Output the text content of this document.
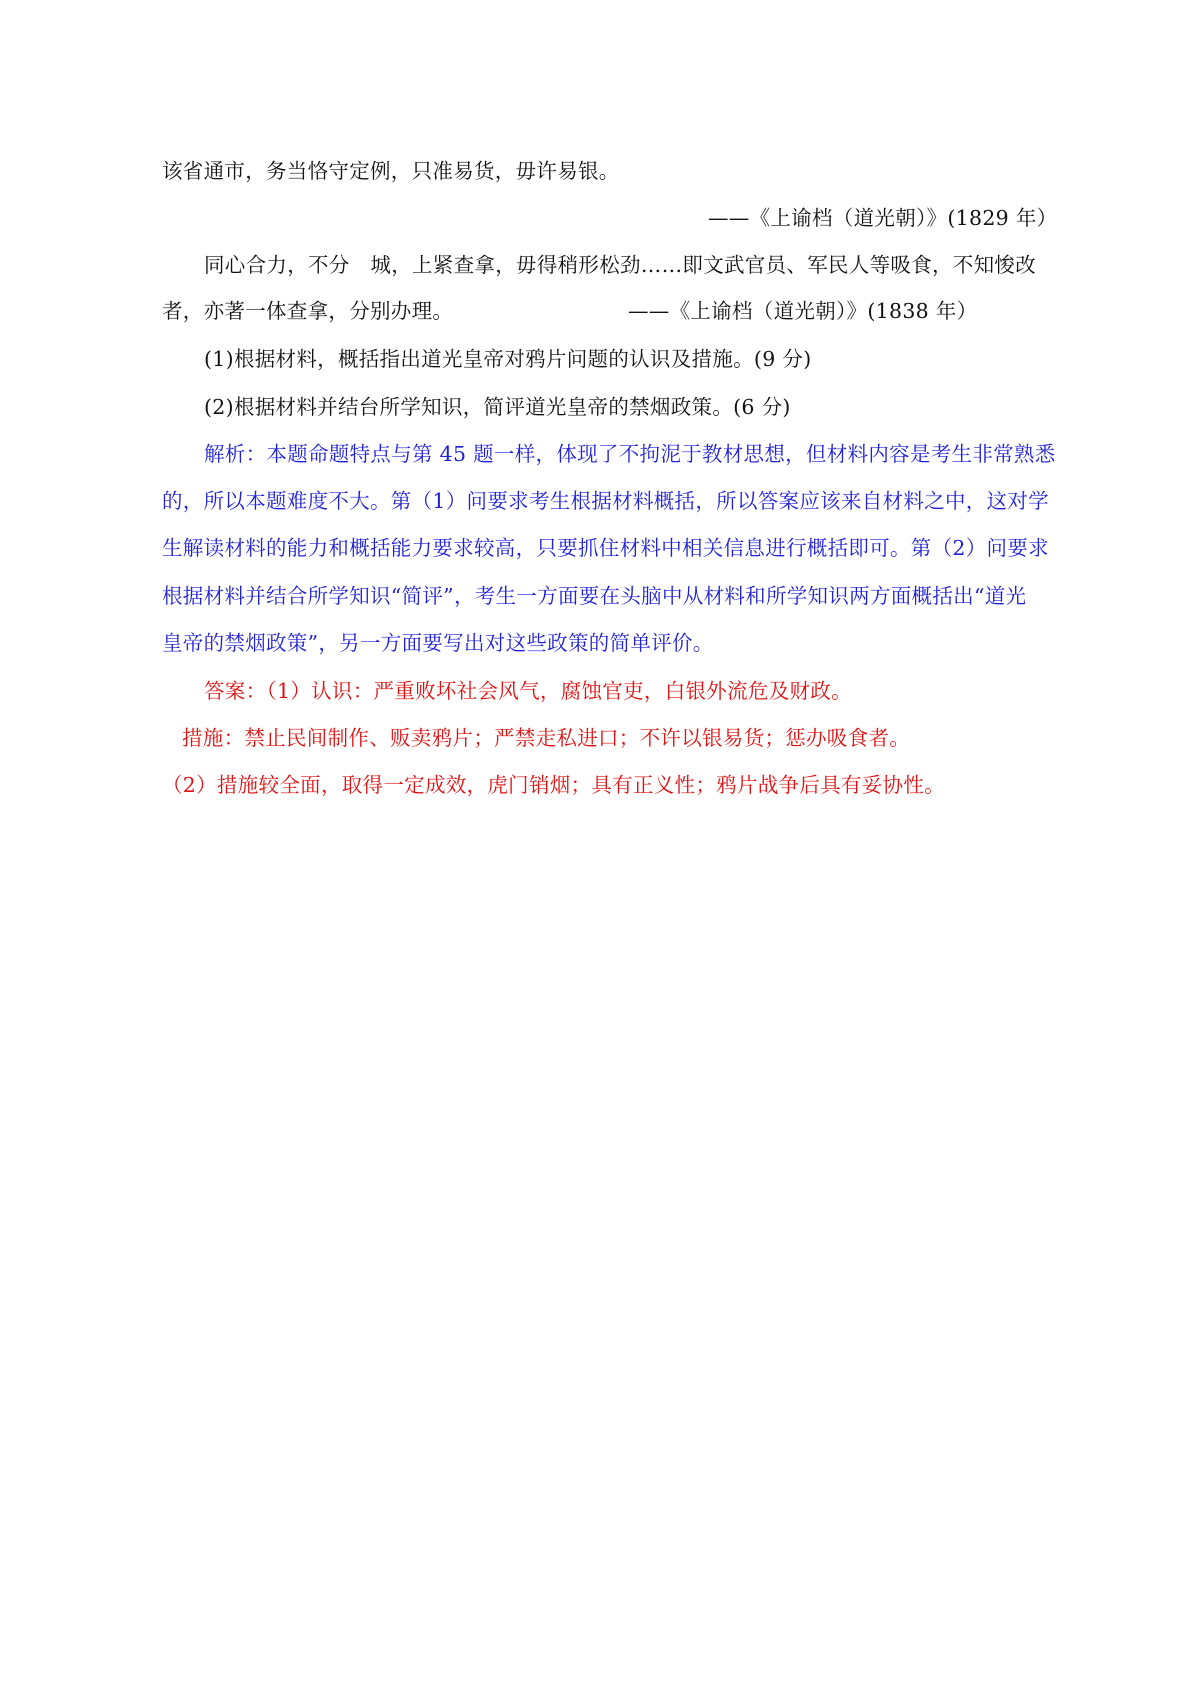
该省通市，务当恪守定例，只准易货，毋许易银。
——《上谕档（道光朝）》(1829 年）
同心合力，不分　城，上紧查拿，毋得稍形松劲……即文武官员、军民人等吸食，不知悛改
者，亦著一体查拿，分别办理。	——《上谕档（道光朝）》(1838 年）
(1)根据材料，概括指出道光皇帝对鸦片问题的认识及措施。(9 分)
(2)根据材料并结台所学知识，简评道光皇帝的禁烟政策。(6 分)
解析：本题命题特点与第 45 题一样，体现了不拘泥于教材思想，但材料内容是考生非常熟悉
的，所以本题难度不大。第（1）问要求考生根据材料概括，所以答案应该来自材料之中，这对学
生解读材料的能力和概括能力要求较高，只要抓住材料中相关信息进行概括即可。第（2）问要求
根据材料并结合所学知识“简评”，考生一方面要在头脑中从材料和所学知识两方面概括出“道光
皇帝的禁烟政策”，另一方面要写出对这些政策的简单评价。
答案：（1）认识：严重败坏社会风气，腐蚀官吏，白银外流危及财政。
措施：禁止民间制作、贩卖鸦片；严禁走私进口；不许以银易货；惩办吸食者。
（2）措施较全面，取得一定成效，虎门销烟；具有正义性；鸦片战争后具有妥协性。
